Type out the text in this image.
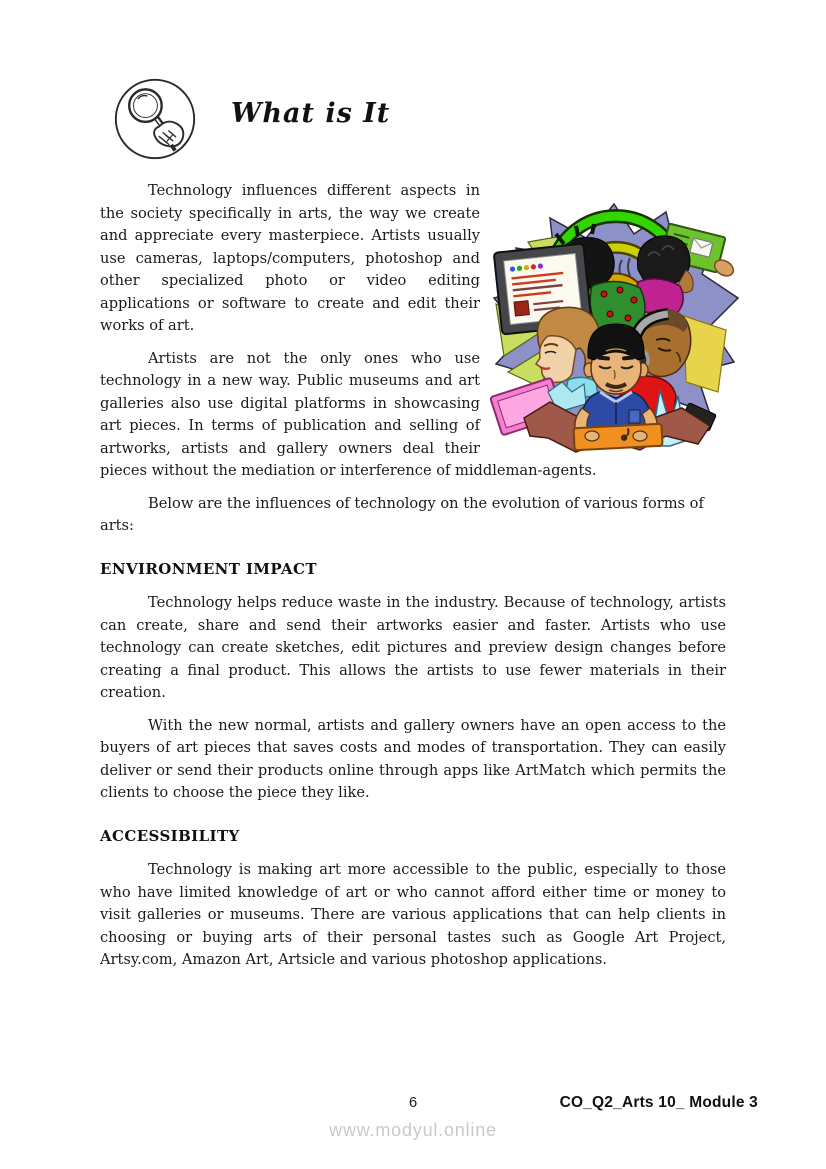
What is It

Technology influences different aspects in the society specifically in arts, the way we create and appreciate every masterpiece. Artists usually use cameras, laptops/computers, photoshop and other specialized photo or video editing applications or software to create and edit their works of art.

Artists are not the only ones who use technology in a new way. Public museums and art galleries also use digital platforms in showcasing art pieces. In terms of publication and selling of artworks, artists and gallery owners deal their pieces without the mediation or interference of middleman-agents.

Below are the influences of technology on the evolution of various forms of arts:

ENVIRONMENT IMPACT

Technology helps reduce waste in the industry. Because of technology, artists can create, share and send their artworks easier and faster. Artists who use technology can create sketches, edit pictures and preview design changes before creating a final product. This allows the artists to use fewer materials in their creation.

With the new normal, artists and gallery owners have an open access to the buyers of art pieces that saves costs and modes of transportation. They can easily deliver or send their products online through apps like ArtMatch which permits the clients to choose the piece they like.

ACCESSIBILITY

Technology is making art more accessible to the public, especially to those who have limited knowledge of art or who cannot afford either time or money to visit galleries or museums. There are various applications that can help clients in choosing or buying arts of their personal tastes such as Google Art Project, Artsy.com, Amazon Art, Artsicle and various photoshop applications.

6	CO_Q2_Arts 10_ Module 3
www.modyul.online
